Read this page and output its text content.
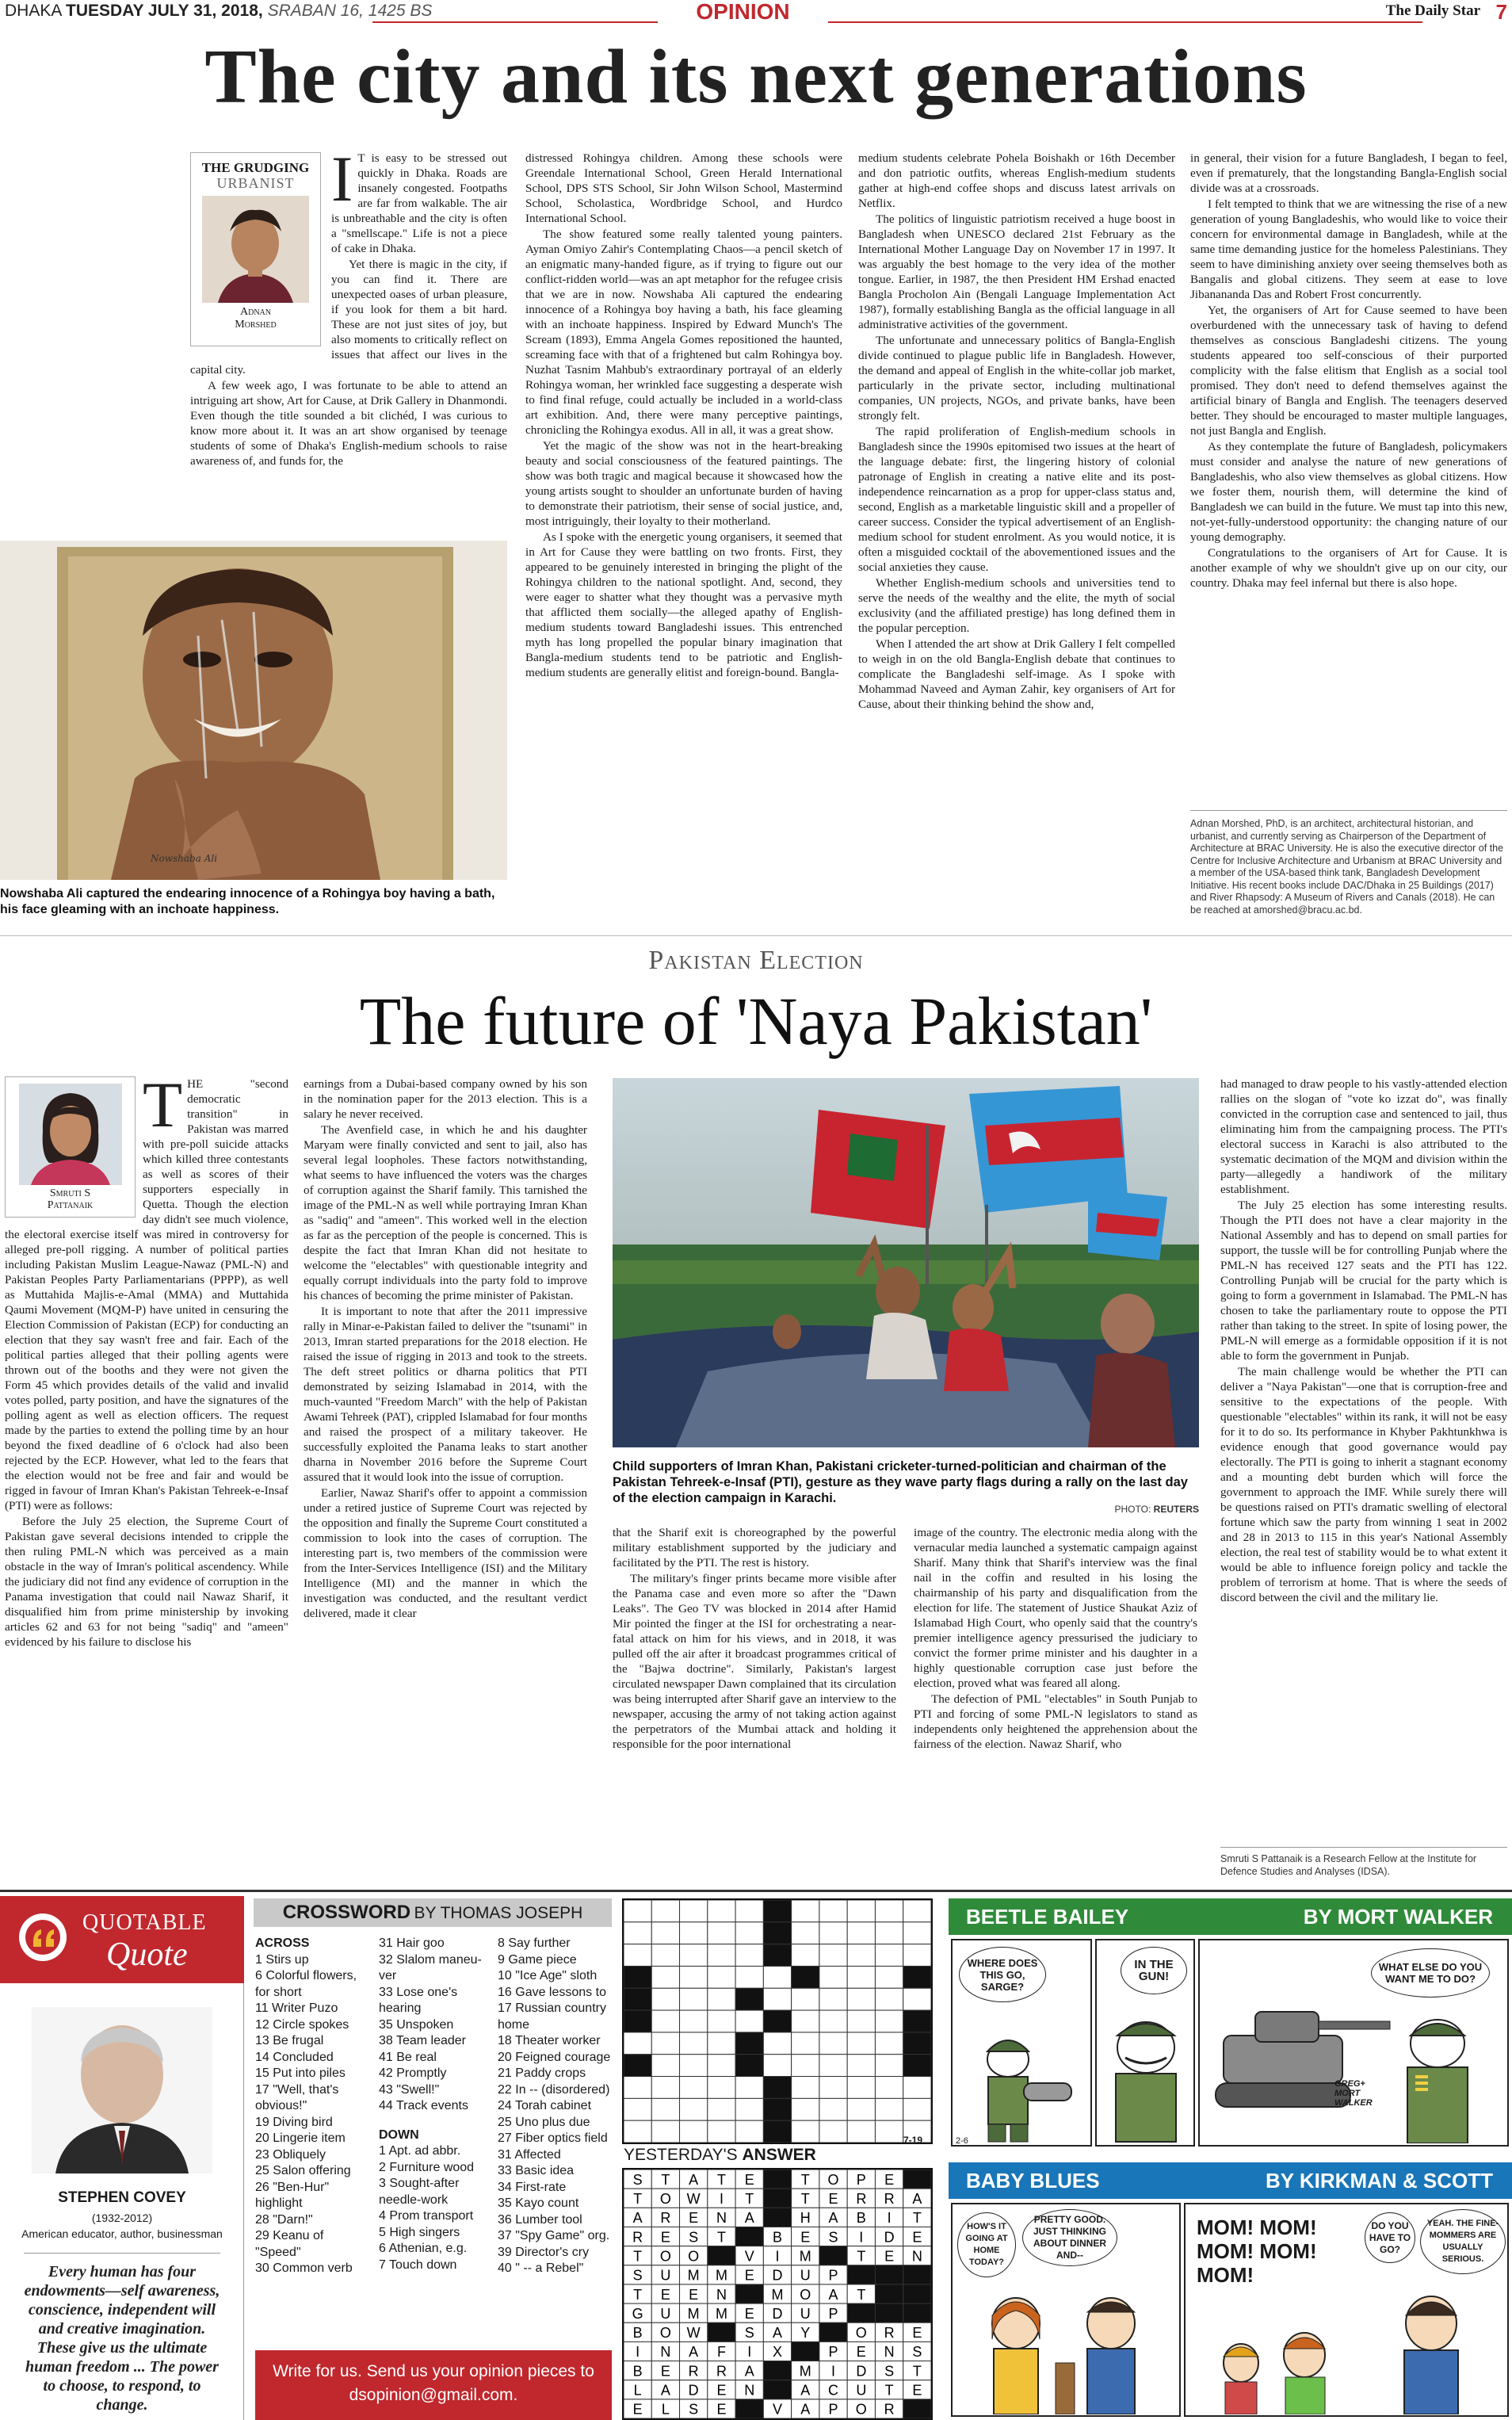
DHAKA TUESDAY JULY 31, 2018, SRABAN 16, 1425 BS	OPINION	The Daily Star 7
The city and its next generations
THE GRUDGING
URBANIST
Adnan
Morshed
I T is easy to be stressed out quickly in Dhaka. Roads are insanely congested. Footpaths are far from walkable. The air is unbreathable and the city is often a "smellscape." Life is not a piece of cake in Dhaka.

Yet there is magic in the city, if you can find it. There are unexpected oases of urban pleasure, if you look for them a bit hard. These are not just sites of joy, but also moments to critically reflect on issues that affect our lives in the capital city.

A few week ago, I was fortunate to be able to attend an intriguing art show, Art for Cause, at Drik Gallery in Dhanmondi. Even though the title sounded a bit clichéd, I was curious to know more about it. It was an art show organised by teenage students of some of Dhaka's English-medium schools to raise awareness of, and funds for, the

Nowshaba Ali
Nowshaba Ali captured the endearing innocence of a Rohingya boy having a bath, his face gleaming with an inchoate happiness.

distressed Rohingya children. Among these schools were Greendale International School, Green Herald International School, DPS STS School, Sir John Wilson School, Mastermind School, Scholastica, Wordbridge School, and Hurdco International School.

The show featured some really talented young painters. Ayman Omiyo Zahir's Contemplating Chaos—a pencil sketch of an enigmatic many-handed figure, as if trying to figure out our conflict-ridden world—was an apt metaphor for the refugee crisis that we are in now. Nowshaba Ali captured the endearing innocence of a Rohingya boy having a bath, his face gleaming with an inchoate happiness. Inspired by Edward Munch's The Scream (1893), Emma Angela Gomes repositioned the haunted, screaming face with that of a frightened but calm Rohingya boy. Nuzhat Tasnim Mahbub's extraordinary portrayal of an elderly Rohingya woman, her wrinkled face suggesting a desperate wish to find final refuge, could actually be included in a world-class art exhibition. And, there were many perceptive paintings, chronicling the Rohingya exodus. All in all, it was a great show.

Yet the magic of the show was not in the heart-breaking beauty and social consciousness of the featured paintings. The show was both tragic and magical because it showcased how the young artists sought to shoulder an unfortunate burden of having to demonstrate their patriotism, their sense of social justice, and, most intriguingly, their loyalty to their motherland.

As I spoke with the energetic young organisers, it seemed that in Art for Cause they were battling on two fronts. First, they appeared to be genuinely interested in bringing the plight of the Rohingya children to the national spotlight. And, second, they were eager to shatter what they thought was a pervasive myth that afflicted them socially—the alleged apathy of English-medium students toward Bangladeshi issues. This entrenched myth has long propelled the popular binary imagination that Bangla-medium students tend to be patriotic and English-medium students are generally elitist and foreign-bound. Bangla-

medium students celebrate Pohela Boishakh or 16th December and don patriotic outfits, whereas English-medium students gather at high-end coffee shops and discuss latest arrivals on Netflix.

The politics of linguistic patriotism received a huge boost in Bangladesh when UNESCO declared 21st February as the International Mother Language Day on November 17 in 1997. It was arguably the best homage to the very idea of the mother tongue. Earlier, in 1987, the then President HM Ershad enacted Bangla Procholon Ain (Bengali Language Implementation Act 1987), formally establishing Bangla as the official language in all administrative activities of the government.

The unfortunate and unnecessary politics of Bangla-English divide continued to plague public life in Bangladesh. However, the demand and appeal of English in the white-collar job market, particularly in the private sector, including multinational companies, UN projects, NGOs, and private banks, have been strongly felt.

The rapid proliferation of English-medium schools in Bangladesh since the 1990s epitomised two issues at the heart of the language debate: first, the lingering history of colonial patronage of English in creating a native elite and its post-independence reincarnation as a prop for upper-class status and, second, English as a marketable linguistic skill and a propeller of career success. Consider the typical advertisement of an English-medium school for student enrolment. As you would notice, it is often a misguided cocktail of the abovementioned issues and the social anxieties they cause.

Whether English-medium schools and universities tend to serve the needs of the wealthy and the elite, the myth of social exclusivity (and the affiliated prestige) has long defined them in the popular perception.

When I attended the art show at Drik Gallery I felt compelled to weigh in on the old Bangla-English debate that continues to complicate the Bangladeshi self-image. As I spoke with Mohammad Naveed and Ayman Zahir, key organisers of Art for Cause, about their thinking behind the show and,

in general, their vision for a future Bangladesh, I began to feel, even if prematurely, that the longstanding Bangla-English social divide was at a crossroads.

I felt tempted to think that we are witnessing the rise of a new generation of young Bangladeshis, who would like to voice their concern for environmental damage in Bangladesh, while at the same time demanding justice for the homeless Palestinians. They seem to have diminishing anxiety over seeing themselves both as Bangalis and global citizens. They seem at ease to love Jibanananda Das and Robert Frost concurrently.

Yet, the organisers of Art for Cause seemed to have been overburdened with the unnecessary task of having to defend themselves as conscious Bangladeshi citizens. The young students appeared too self-conscious of their purported complicity with the false elitism that English as a social tool promised. They don't need to defend themselves against the artificial binary of Bangla and English. The teenagers deserved better. They should be encouraged to master multiple languages, not just Bangla and English.

As they contemplate the future of Bangladesh, policymakers must consider and analyse the nature of new generations of Bangladeshis, who also view themselves as global citizens. How we foster them, nourish them, will determine the kind of Bangladesh we can build in the future. We must tap into this new, not-yet-fully-understood opportunity: the changing nature of our young demography.

Congratulations to the organisers of Art for Cause. It is another example of why we shouldn't give up on our city, our country. Dhaka may feel infernal but there is also hope.

Adnan Morshed, PhD, is an architect, architectural historian, and urbanist, and currently serving as Chairperson of the Department of Architecture at BRAC University. He is also the executive director of the Centre for Inclusive Architecture and Urbanism at BRAC University and a member of the USA-based think tank, Bangladesh Development Initiative. His recent books include DAC/Dhaka in 25 Buildings (2017) and River Rhapsody: A Museum of Rivers and Canals (2018). He can be reached at amorshed@bracu.ac.bd.
Pakistan Election
The future of 'Naya Pakistan'
Smruti S
Pattanaik
T HE "second democratic transition" in Pakistan was marred with pre-poll suicide attacks which killed three contestants as well as scores of their supporters especially in Quetta. Though the election day didn't see much violence, the electoral exercise itself was mired in controversy for alleged pre-poll rigging. A number of political parties including Pakistan Muslim League-Nawaz (PML-N) and Pakistan Peoples Party Parliamentarians (PPPP), as well as Muttahida Majlis-e-Amal (MMA) and Muttahida Qaumi Movement (MQM-P) have united in censuring the Election Commission of Pakistan (ECP) for conducting an election that they say wasn't free and fair. Each of the political parties alleged that their polling agents were thrown out of the booths and they were not given the Form 45 which provides details of the valid and invalid votes polled, party position, and have the signatures of the polling agent as well as election officers. The request made by the parties to extend the polling time by an hour beyond the fixed deadline of 6 o'clock had also been rejected by the ECP. However, what led to the fears that the election would not be free and fair and would be rigged in favour of Imran Khan's Pakistan Tehreek-e-Insaf (PTI) were as follows:

Before the July 25 election, the Supreme Court of Pakistan gave several decisions intended to cripple the then ruling PML-N which was perceived as a main obstacle in the way of Imran's political ascendency. While the judiciary did not find any evidence of corruption in the Panama investigation that could nail Nawaz Sharif, it disqualified him from prime ministership by invoking articles 62 and 63 for not being "sadiq" and "ameen" evidenced by his failure to disclose his

earnings from a Dubai-based company owned by his son in the nomination paper for the 2013 election. This is a salary he never received.

The Avenfield case, in which he and his daughter Maryam were finally convicted and sent to jail, also has several legal loopholes. These factors notwithstanding, what seems to have influenced the voters was the charges of corruption against the Sharif family. This tarnished the image of the PML-N as well while portraying Imran Khan as "sadiq" and "ameen". This worked well in the election as far as the perception of the people is concerned. This is despite the fact that Imran Khan did not hesitate to welcome the "electables" with questionable integrity and equally corrupt individuals into the party fold to improve his chances of becoming the prime minister of Pakistan.

It is important to note that after the 2011 impressive rally in Minar-e-Pakistan failed to deliver the "tsunami" in 2013, Imran started preparations for the 2018 election. He raised the issue of rigging in 2013 and took to the streets. The deft street politics or dharna politics that PTI demonstrated by seizing Islamabad in 2014, with the much-vaunted "Freedom March" with the help of Pakistan Awami Tehreek (PAT), crippled Islamabad for four months and raised the prospect of a military takeover. He successfully exploited the Panama leaks to start another dharna in November 2016 before the Supreme Court assured that it would look into the issue of corruption.

Earlier, Nawaz Sharif's offer to appoint a commission under a retired justice of Supreme Court was rejected by the opposition and finally the Supreme Court constituted a commission to look into the cases of corruption. The interesting part is, two members of the commission were from the Inter-Services Intelligence (ISI) and the Military Intelligence (MI) and the manner in which the investigation was conducted, and the resultant verdict delivered, made it clear

Child supporters of Imran Khan, Pakistani cricketer-turned-politician and chairman of the Pakistan Tehreek-e-Insaf (PTI), gesture as they wave party flags during a rally on the last day of the election campaign in Karachi.
PHOTO: REUTERS

that the Sharif exit is choreographed by the powerful military establishment supported by the judiciary and facilitated by the PTI. The rest is history.

The military's finger prints became more visible after the Panama case and even more so after the "Dawn Leaks". The Geo TV was blocked in 2014 after Hamid Mir pointed the finger at the ISI for orchestrating a near-fatal attack on him for his views, and in 2018, it was pulled off the air after it broadcast programmes critical of the "Bajwa doctrine". Similarly, Pakistan's largest circulated newspaper Dawn complained that its circulation was being interrupted after Sharif gave an interview to the newspaper, accusing the army of not taking action against the perpetrators of the Mumbai attack and holding it responsible for the poor international

image of the country. The electronic media along with the vernacular media launched a systematic campaign against Sharif. Many think that Sharif's interview was the final nail in the coffin and resulted in his losing the chairmanship of his party and disqualification from the election for life. The statement of Justice Shaukat Aziz of Islamabad High Court, who openly said that the country's premier intelligence agency pressurised the judiciary to convict the former prime minister and his daughter in a highly questionable corruption case just before the election, proved what was feared all along.

The defection of PML "electables" in South Punjab to PTI and forcing of some PML-N legislators to stand as independents only heightened the apprehension about the fairness of the election. Nawaz Sharif, who

had managed to draw people to his vastly-attended election rallies on the slogan of "vote ko izzat do", was finally convicted in the corruption case and sentenced to jail, thus eliminating him from the campaigning process. The PTI's electoral success in Karachi is also attributed to the systematic decimation of the MQM and division within the party—allegedly a handiwork of the military establishment.

The July 25 election has some interesting results. Though the PTI does not have a clear majority in the National Assembly and has to depend on small parties for support, the tussle will be for controlling Punjab where the PML-N has received 127 seats and the PTI has 122. Controlling Punjab will be crucial for the party which is going to form a government in Islamabad. The PML-N has chosen to take the parliamentary route to oppose the PTI rather than taking to the street. In spite of losing power, the PML-N will emerge as a formidable opposition if it is not able to form the government in Punjab.

The main challenge would be whether the PTI can deliver a "Naya Pakistan"—one that is corruption-free and sensitive to the expectations of the people. With questionable "electables" within its rank, it will not be easy for it to do so. Its performance in Khyber Pakhtunkhwa is evidence enough that good governance would pay electorally. The PTI is going to inherit a stagnant economy and a mounting debt burden which will force the government to approach the IMF. While surely there will be questions raised on PTI's dramatic swelling of electoral fortune which saw the party from winning 1 seat in 2002 and 28 in 2013 to 115 in this year's National Assembly election, the real test of stability would be to what extent it would be able to influence foreign policy and tackle the problem of terrorism at home. That is where the seeds of discord between the civil and the military lie.

Smruti S Pattanaik is a Research Fellow at the Institute for Defence Studies and Analyses (IDSA).
QUOTABLE
Quote
STEPHEN COVEY
(1932-2012)
American educator, author, businessman
Every human has four endowments—self awareness, conscience, independent will and creative imagination. These give us the ultimate human freedom ... The power to choose, to respond, to change.
CROSSWORD BY THOMAS JOSEPH
ACROSS
1 Stirs up
6 Colorful flowers,
for short
11 Writer Puzo
12 Circle spokes
13 Be frugal
14 Concluded
15 Put into piles
17 "Well, that's
obvious!"
19 Diving bird
20 Lingerie item
23 Obliquely
25 Salon offering
26 "Ben-Hur"
highlight
28 "Darn!"
29 Keanu of
"Speed"
30 Common verb
31 Hair goo
32 Slalom maneu-
ver
33 Lose one's
hearing
35 Unspoken
38 Team leader
41 Be real
42 Promptly
43 "Swell!"
44 Track events
DOWN
1 Apt. ad abbr.
2 Furniture wood
3 Sought-after
needle-work
4 Prom transport
5 High singers
6 Athenian, e.g.
7 Touch down
8 Say further
9 Game piece
10 "Ice Age" sloth
16 Gave lessons to
17 Russian country
home
18 Theater worker
20 Feigned courage
21 Paddy crops
22 In -- (disordered)
24 Torah cabinet
25 Uno plus due
27 Fiber optics field
31 Affected
33 Basic idea
34 First-rate
35 Kayo count
36 Lumber tool
37 "Spy Game" org.
39 Director's cry
40 " -- a Rebel"
7-19
YESTERDAY'S ANSWER
S T A T E	T O P E
T O W I T	T E R R A
A R E N A	H A B I T
R E S T	B E S I D E
T O O	V I M	T E N
S U M M E D U P
T E E N	M O A T
G U M M E D U P
B O W	S A Y	O R E
I N A F I X	P E N S
B E R R A	M I D S T
L A D E N	A C U T E
E L S E	V A P O R
Write for us. Send us your opinion pieces to
dsopinion@gmail.com.
BEETLE BAILEY	BY MORT WALKER
WHERE DOES THIS GO, SARGE?
IN THE GUN!
WHAT ELSE DO YOU WANT ME TO DO?
GREG+ MORT WALKER
2-6
BABY BLUES	BY KIRKMAN & SCOTT
HOW'S IT GOING AT HOME TODAY?
PRETTY GOOD. JUST THINKING ABOUT DINNER AND--
MOM! MOM! MOM! MOM! MOM!
DO YOU HAVE TO GO?
YEAH. THE FINE-MOMMERS ARE USUALLY SERIOUS.
